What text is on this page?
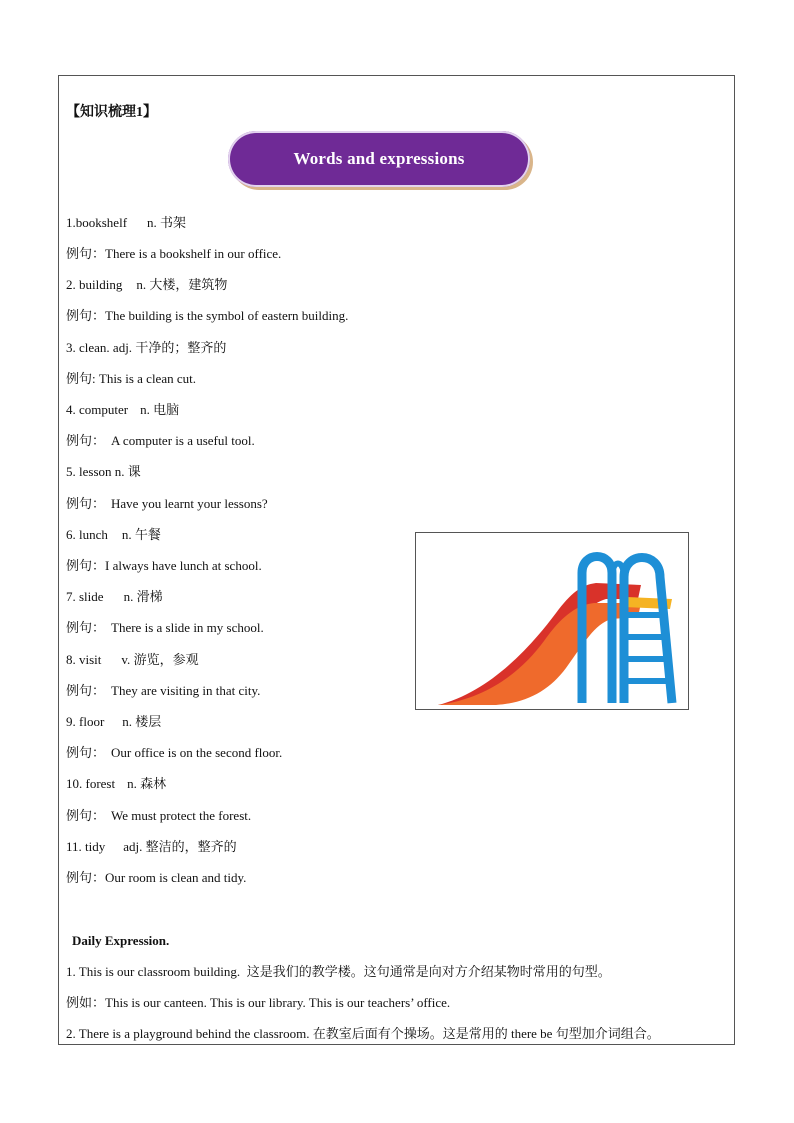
【知识梳理1】
Words and expressions
1.bookshelf n. 书架
例句：There is a bookshelf in our office.
2. building n. 大楼，建筑物
例句：The building is the symbol of eastern building.
3. clean. adj. 干净的；整齐的
例句: This is a clean cut.
4. computer n. 电脑
例句： A computer is a useful tool.
5. lesson n. 课
例句： Have you learnt your lessons?
6. lunch n. 午餐
例句：I always have lunch at school.
7. slide n. 滑梯
例句： There is a slide in my school.
8. visit v. 游览，参观
例句： They are visiting in that city.
9. floor n. 楼层
例句： Our office is on the second floor.
10. forest n. 森林
例句： We must protect the forest.
11. tidy adj. 整洁的，整齐的
例句：Our room is clean and tidy.
Daily Expression.
1. This is our classroom building. 这是我们的教学楼。这句通常是向对方介绍某物时常用的句型。
例如：This is our canteen. This is our library. This is our teachers’ office.
2. There is a playground behind the classroom. 在教室后面有个操场。这是常用的 there be 句型加介词组合。
